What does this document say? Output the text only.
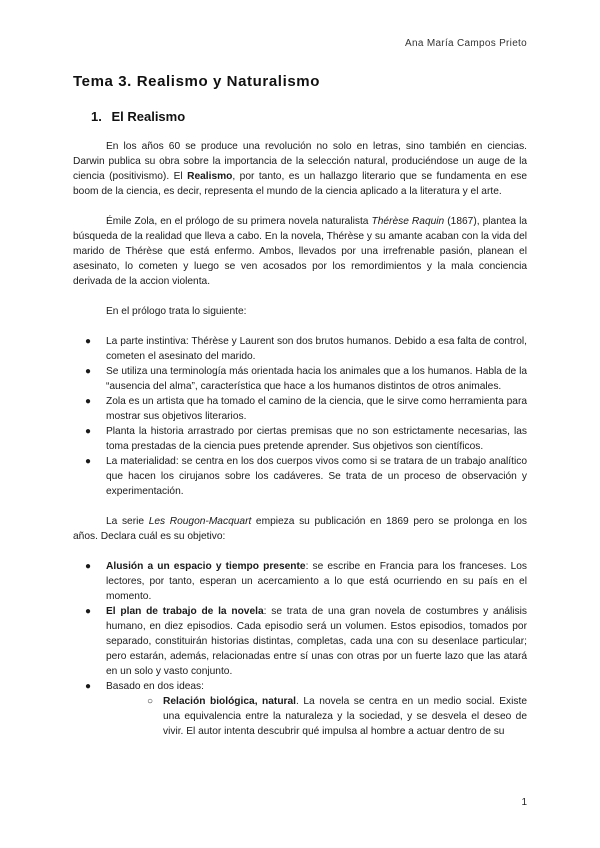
Ana María Campos Prieto
Tema 3. Realismo y Naturalismo
1. El Realismo

En los años 60 se produce una revolución no solo en letras, sino también en ciencias. Darwin publica su obra sobre la importancia de la selección natural, produciéndose un auge de la ciencia (positivismo). El Realismo, por tanto, es un hallazgo literario que se fundamenta en ese boom de la ciencia, es decir, representa el mundo de la ciencia aplicado a la literatura y el arte.

Émile Zola, en el prólogo de su primera novela naturalista Thérèse Raquin (1867), plantea la búsqueda de la realidad que lleva a cabo. En la novela, Thérèse y su amante acaban con la vida del marido de Thérèse que está enfermo. Ambos, llevados por una irrefrenable pasión, planean el asesinato, lo cometen y luego se ven acosados por los remordimientos y la mala conciencia derivada de la accion violenta.

En el prólogo trata lo siguiente:

● La parte instintiva: Thérèse y Laurent son dos brutos humanos. Debido a esa falta de control, cometen el asesinato del marido.
● Se utiliza una terminología más orientada hacia los animales que a los humanos. Habla de la “ausencia del alma”, característica que hace a los humanos distintos de otros animales.
● Zola es un artista que ha tomado el camino de la ciencia, que le sirve como herramienta para mostrar sus objetivos literarios.
● Planta la historia arrastrado por ciertas premisas que no son estrictamente necesarias, las toma prestadas de la ciencia pues pretende aprender. Sus objetivos son científicos.
● La materialidad: se centra en los dos cuerpos vivos como si se tratara de un trabajo analítico que hacen los cirujanos sobre los cadáveres. Se trata de un proceso de observación y experimentación.

La serie Les Rougon-Macquart empieza su publicación en 1869 pero se prolonga en los años. Declara cuál es su objetivo:

● Alusión a un espacio y tiempo presente: se escribe en Francia para los franceses. Los lectores, por tanto, esperan un acercamiento a lo que está ocurriendo en su país en el momento.
● El plan de trabajo de la novela: se trata de una gran novela de costumbres y análisis humano, en diez episodios. Cada episodio será un volumen. Estos episodios, tomados por separado, constituirán historias distintas, completas, cada una con su desenlace particular; pero estarán, además, relacionadas entre sí unas con otras por un fuerte lazo que las atará en un solo y vasto conjunto.
● Basado en dos ideas:
○ Relación biológica, natural. La novela se centra en un medio social. Existe una equivalencia entre la naturaleza y la sociedad, y se desvela el deseo de vivir. El autor intenta descubrir qué impulsa al hombre a actuar dentro de su
1
